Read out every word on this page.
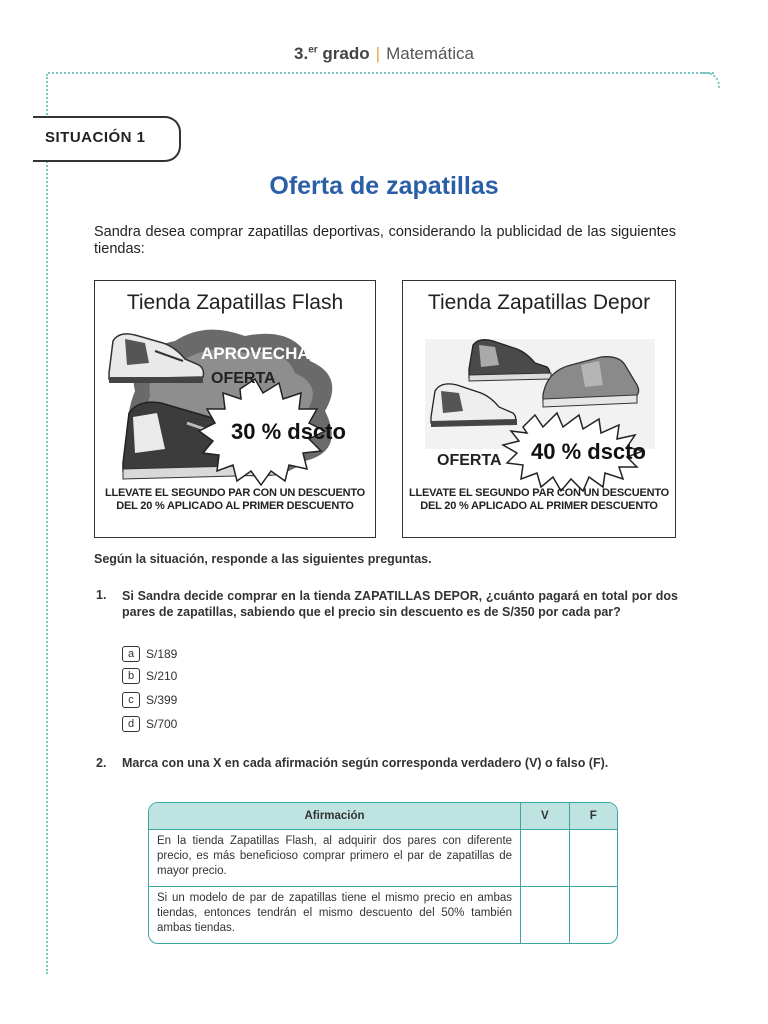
3.$^{er}$ grado | Matemática
SITUACIÓN 1
Oferta de zapatillas
Sandra desea comprar zapatillas deportivas, considerando la publicidad de las siguientes tiendas:
APROVECHA
OFERTA
30 % dscto
Tienda Zapatillas Flash
LLEVATE EL SEGUNDO PAR CON UN DESCUENTO DEL 20 % APLICADO AL PRIMER DESCUENTO
OFERTA 40 % dscto
Tienda Zapatillas Depor
LLEVATE EL SEGUNDO PAR CON UN DESCUENTO DEL 20 % APLICADO AL PRIMER DESCUENTO
Según la situación, responde a las siguientes preguntas.
1. Si Sandra decide comprar en la tienda ZAPATILLAS DEPOR, ¿cuánto pagará en total por dos pares de zapatillas, sabiendo que el precio sin descuento es de S/350 por cada par?
a S/189
b S/210
c S/399
d S/700
2. Marca con una X en cada afirmación según corresponda verdadero (V) o falso (F).
Afirmación	V	F
En la tienda Zapatillas Flash, al adquirir dos pares con diferente precio, es más beneficioso comprar primero el par de zapatillas de mayor precio.		
Si un modelo de par de zapatillas tiene el mismo precio en ambas tiendas, entonces tendrán el mismo descuento del 50% también ambas tiendas.		
